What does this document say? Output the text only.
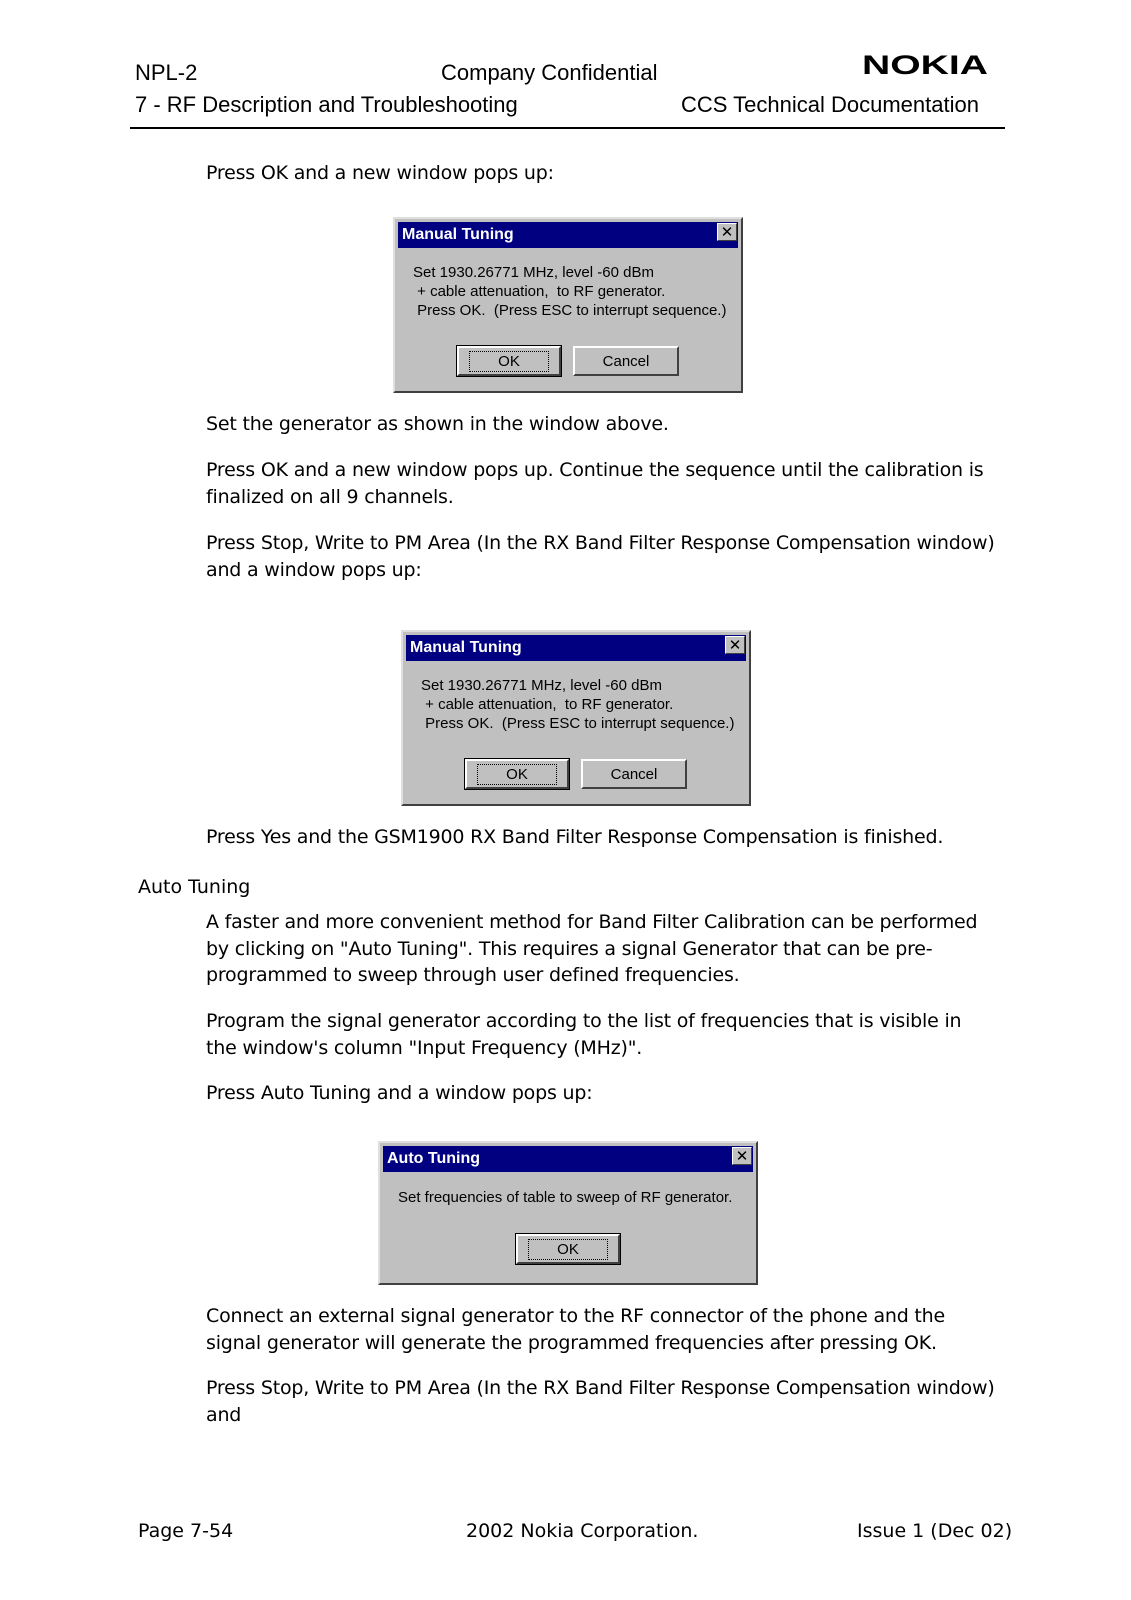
NPL-2	Company Confidential	NOKIA
7 - RF Description and Troubleshooting	CCS Technical Documentation
Press OK and a new window pops up:
Manual Tuning	✕
Set 1930.26771 MHz, level -60 dBm
+ cable attenuation,  to RF generator.
Press OK.  (Press ESC to interrupt sequence.)
OK	Cancel
Set the generator as shown in the window above.
Press OK and a new window pops up. Continue the sequence until the calibration is finalized on all 9 channels.
Press Stop, Write to PM Area (In the RX Band Filter Response Compensation window) and a window pops up:
Manual Tuning	✕
Set 1930.26771 MHz, level -60 dBm
+ cable attenuation,  to RF generator.
Press OK.  (Press ESC to interrupt sequence.)
OK	Cancel
Press Yes and the GSM1900 RX Band Filter Response Compensation is finished.
Auto Tuning
A faster and more convenient method for Band Filter Calibration can be performed by clicking on "Auto Tuning". This requires a signal Generator that can be pre-programmed to sweep through user defined frequencies.
Program the signal generator according to the list of frequencies that is visible in the window's column "Input Frequency (MHz)".
Press Auto Tuning and a window pops up:
Auto Tuning	✕
Set frequencies of table to sweep of RF generator.
OK
Connect an external signal generator to the RF connector of the phone and the signal generator will generate the programmed frequencies after pressing OK.
Press Stop, Write to PM Area (In the RX Band Filter Response Compensation window) and
Page 7-54	2002 Nokia Corporation.	Issue 1 (Dec 02)
